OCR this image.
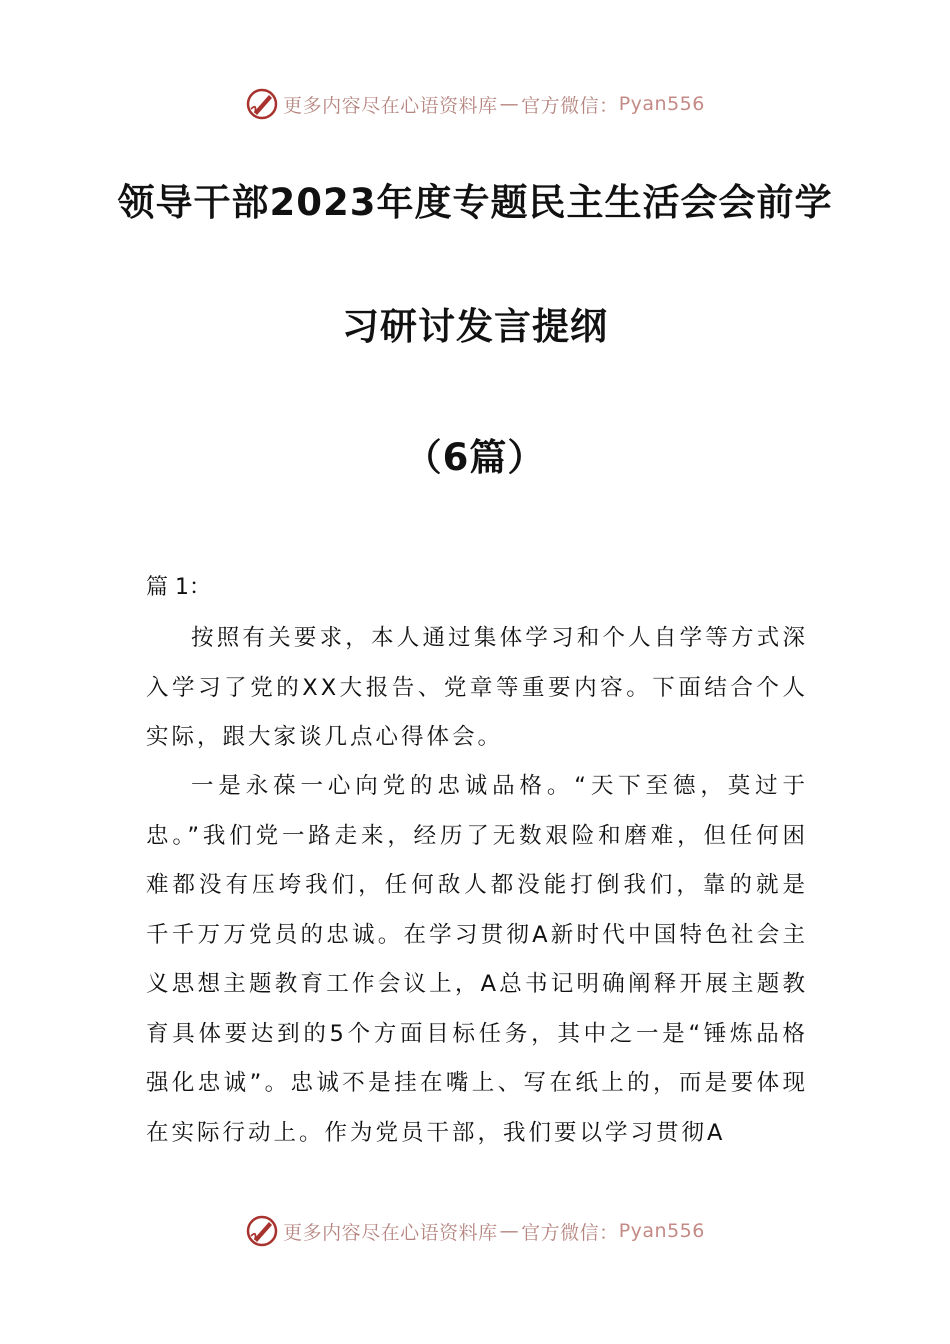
更多内容尽在心语资料库 — 官方微信： Pyan556
领导干部2023年度专题民主生活会会前学
习研讨发言提纲
（6篇）
篇 1：

按照有关要求，本人通过集体学习和个人自学等方式深入学习了党的XX大报告、党章等重要内容。下面结合个人实际，跟大家谈几点心得体会。

一是永葆一心向党的忠诚品格。“天下至德，莫过于忠。”我们党一路走来，经历了无数艰险和磨难，但任何困难都没有压垮我们，任何敌人都没能打倒我们，靠的就是千千万万党员的忠诚。在学习贯彻A新时代中国特色社会主义思想主题教育工作会议上，A总书记明确阐释开展主题教育具体要达到的5个方面目标任务，其中之一是“锤炼品格强化忠诚”。忠诚不是挂在嘴上、写在纸上的，而是要体现在实际行动上。作为党员干部，我们要以学习贯彻A

更多内容尽在心语资料库 — 官方微信： Pyan556
